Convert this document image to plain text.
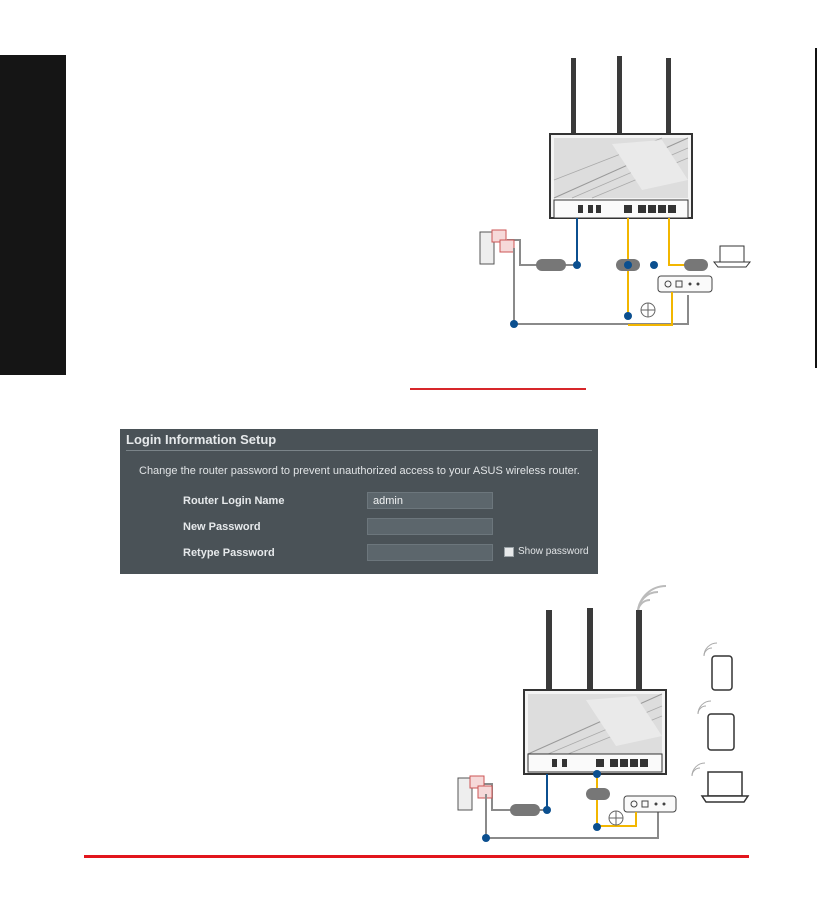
Login Information Setup
Change the router password to prevent unauthorized access to your ASUS wireless router.
Router Login Name
admin
New Password
Retype Password	Show password
